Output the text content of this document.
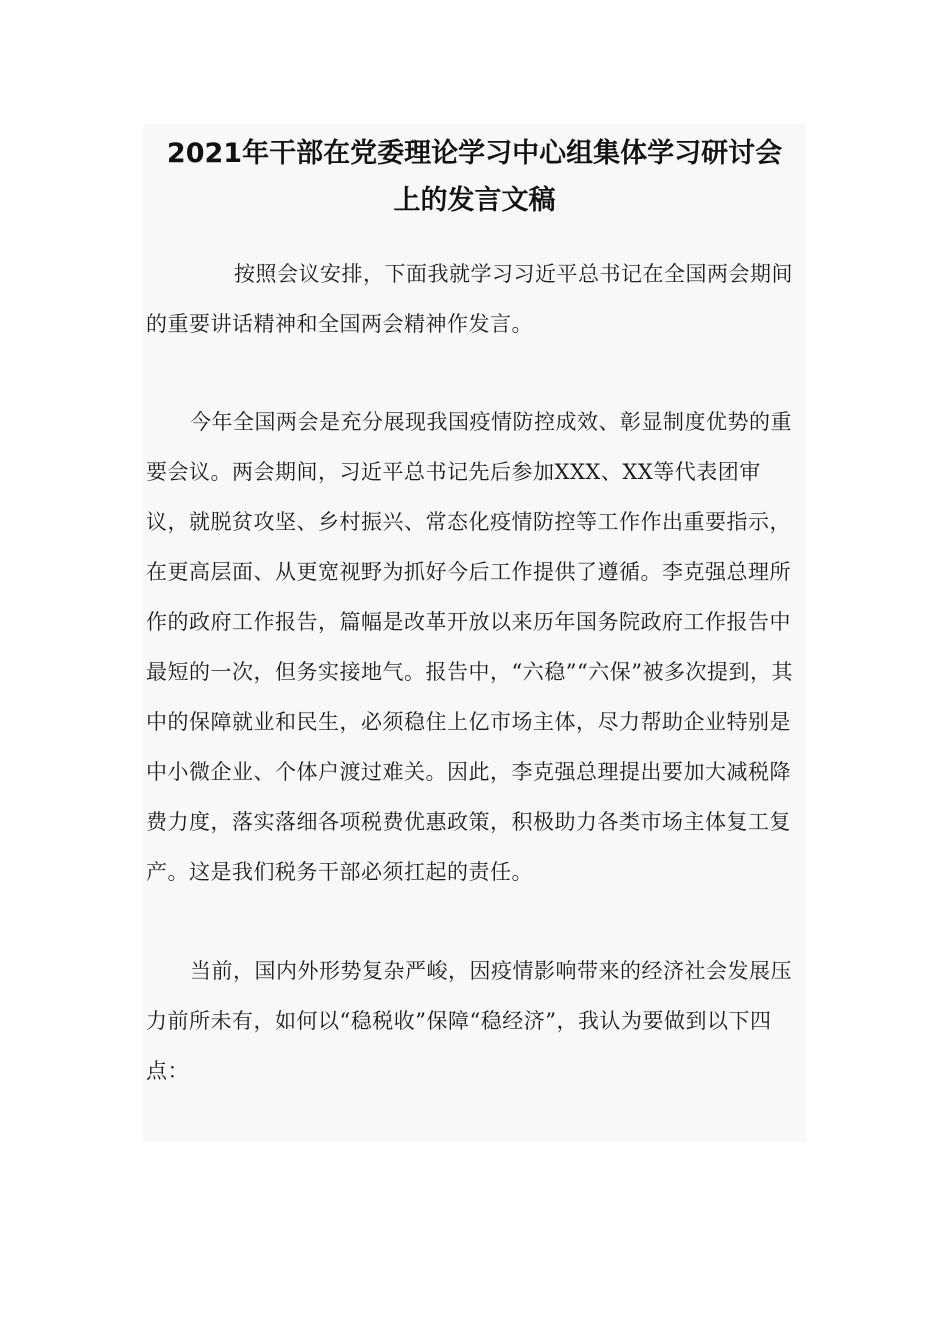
2021年干部在党委理论学习中心组集体学习研讨会
上的发言文稿

按照会议安排，下面我就学习习近平总书记在全国两会期间的重要讲话精神和全国两会精神作发言。

今年全国两会是充分展现我国疫情防控成效、彰显制度优势的重要会议。两会期间，习近平总书记先后参加XXX、XX等代表团审议，就脱贫攻坚、乡村振兴、常态化疫情防控等工作作出重要指示，在更高层面、从更宽视野为抓好今后工作提供了遵循。李克强总理所作的政府工作报告，篇幅是改革开放以来历年国务院政府工作报告中最短的一次，但务实接地气。报告中，“六稳”“六保”被多次提到，其中的保障就业和民生，必须稳住上亿市场主体，尽力帮助企业特别是中小微企业、个体户渡过难关。因此，李克强总理提出要加大减税降费力度，落实落细各项税费优惠政策，积极助力各类市场主体复工复产。这是我们税务干部必须扛起的责任。

当前，国内外形势复杂严峻，因疫情影响带来的经济社会发展压力前所未有，如何以“稳税收”保障“稳经济”，我认为要做到以下四点：
